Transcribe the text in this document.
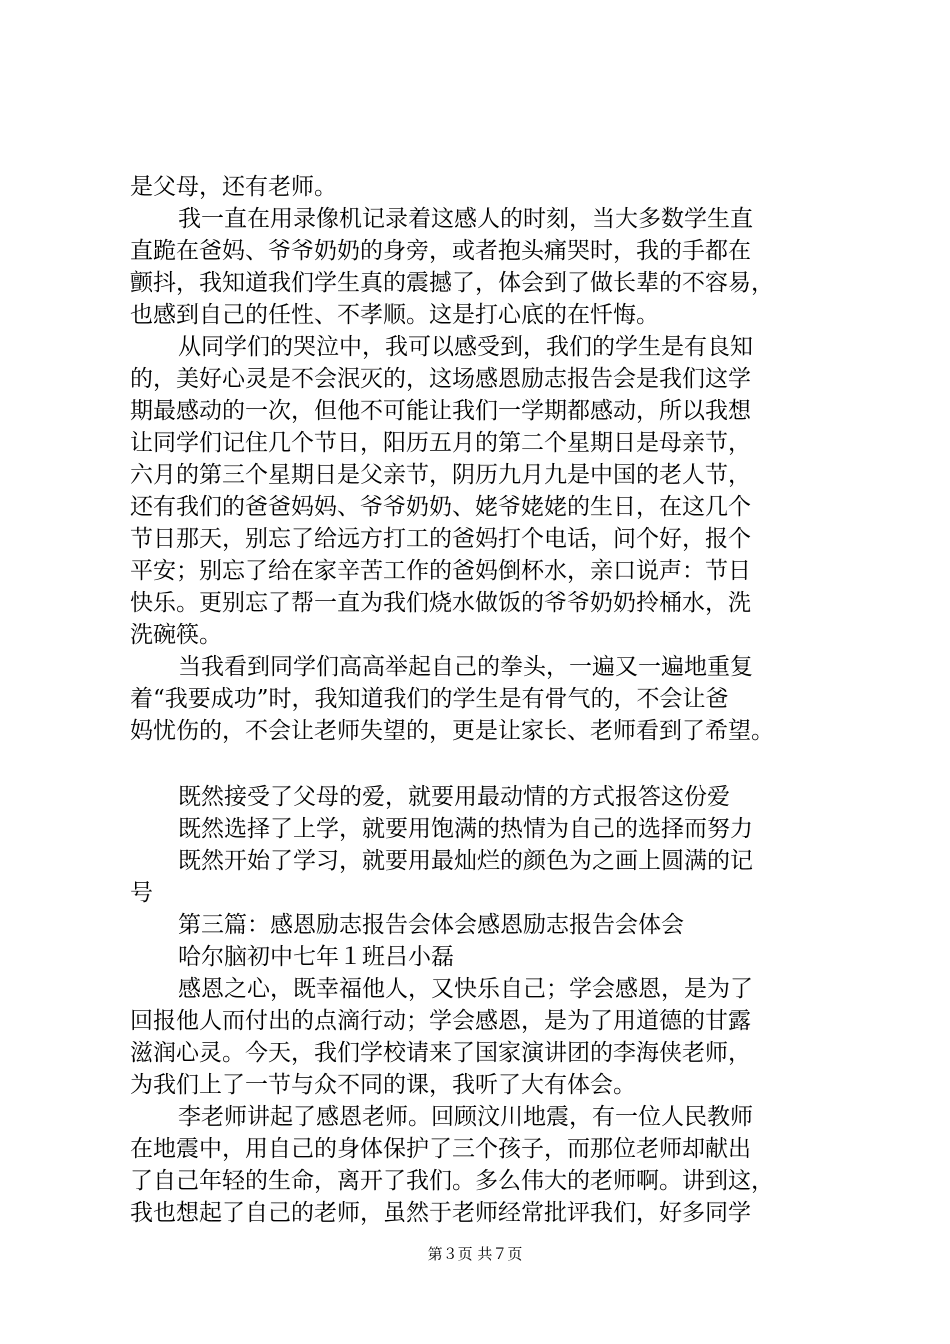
是父母，还有老师。
我一直在用录像机记录着这感人的时刻，当大多数学生直
直跪在爸妈、爷爷奶奶的身旁，或者抱头痛哭时，我的手都在
颤抖，我知道我们学生真的震撼了，体会到了做长辈的不容易，
也感到自己的任性、不孝顺。这是打心底的在忏悔。
从同学们的哭泣中，我可以感受到，我们的学生是有良知
的，美好心灵是不会泯灭的，这场感恩励志报告会是我们这学
期最感动的一次，但他不可能让我们一学期都感动，所以我想
让同学们记住几个节日，阳历五月的第二个星期日是母亲节，
六月的第三个星期日是父亲节，阴历九月九是中国的老人节，
还有我们的爸爸妈妈、爷爷奶奶、姥爷姥姥的生日，在这几个
节日那天，别忘了给远方打工的爸妈打个电话，问个好，报个
平安；别忘了给在家辛苦工作的爸妈倒杯水，亲口说声：节日
快乐。更别忘了帮一直为我们烧水做饭的爷爷奶奶拎桶水，洗
洗碗筷。
当我看到同学们高高举起自己的拳头，一遍又一遍地重复
着“我要成功”时，我知道我们的学生是有骨气的，不会让爸
妈忧伤的，不会让老师失望的，更是让家长、老师看到了希望。
既然接受了父母的爱，就要用最动情的方式报答这份爱
既然选择了上学，就要用饱满的热情为自己的选择而努力
既然开始了学习，就要用最灿烂的颜色为之画上圆满的记
号
第三篇：感恩励志报告会体会感恩励志报告会体会
哈尔脑初中七年１班吕小磊
感恩之心，既幸福他人，又快乐自己；学会感恩，是为了
回报他人而付出的点滴行动；学会感恩，是为了用道德的甘露
滋润心灵。今天，我们学校请来了国家演讲团的李海侠老师，
为我们上了一节与众不同的课，我听了大有体会。
李老师讲起了感恩老师。回顾汶川地震，有一位人民教师
在地震中，用自己的身体保护了三个孩子，而那位老师却献出
了自己年轻的生命，离开了我们。多么伟大的老师啊。讲到这，
我也想起了自己的老师，虽然于老师经常批评我们，好多同学
第３页 共７页
